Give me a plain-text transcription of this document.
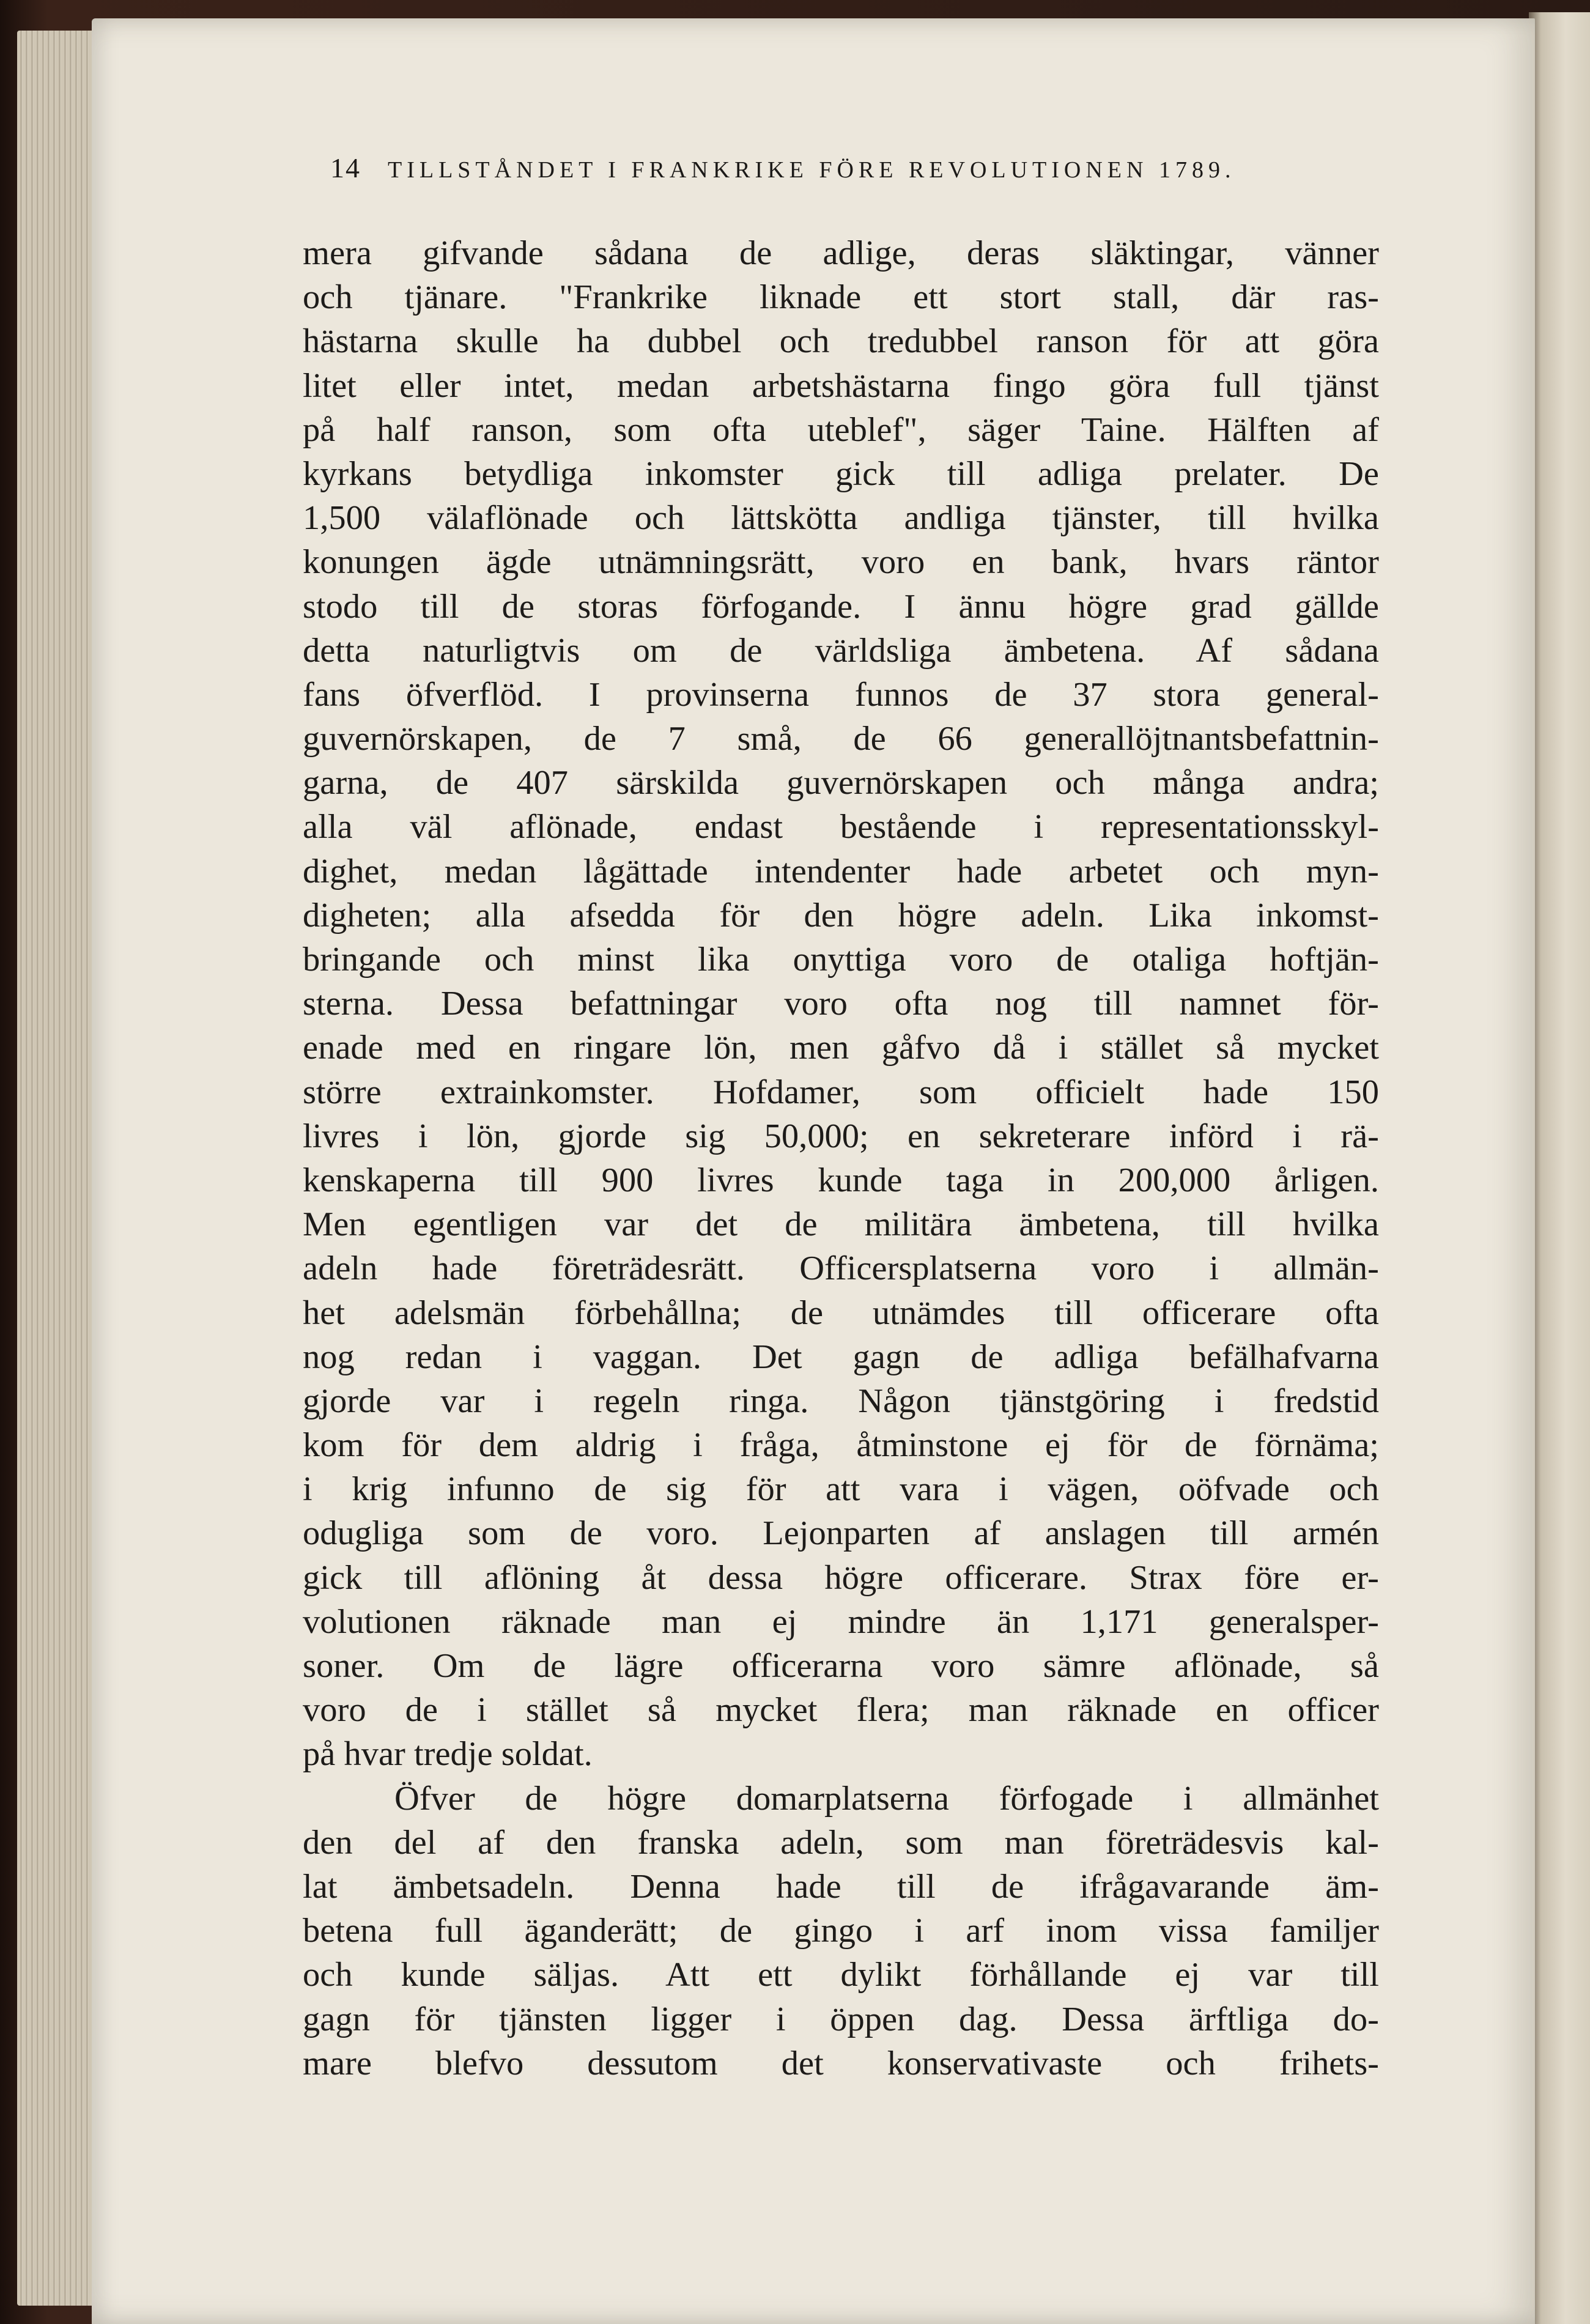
14 TILLSTÅNDET I FRANKRIKE FÖRE REVOLUTIONEN 1789.
mera gifvande sådana de adlige, deras släktingar, vänner
och tjänare. "Frankrike liknade ett stort stall, där ras-
hästarna skulle ha dubbel och tredubbel ranson för att göra
litet eller intet, medan arbetshästarna fingo göra full tjänst
på half ranson, som ofta uteblef", säger Taine. Hälften af
kyrkans betydliga inkomster gick till adliga prelater. De
1,500 välaflönade och lättskötta andliga tjänster, till hvilka
konungen ägde utnämningsrätt, voro en bank, hvars räntor
stodo till de storas förfogande. I ännu högre grad gällde
detta naturligtvis om de världsliga ämbetena. Af sådana
fans öfverflöd. I provinserna funnos de 37 stora general-
guvernörskapen, de 7 små, de 66 generallöjtnantsbefattnin-
garna, de 407 särskilda guvernörskapen och många andra;
alla väl aflönade, endast bestående i representationsskyl-
dighet, medan lågättade intendenter hade arbetet och myn-
digheten; alla afsedda för den högre adeln. Lika inkomst-
bringande och minst lika onyttiga voro de otaliga hoftjän-
sterna. Dessa befattningar voro ofta nog till namnet för-
enade med en ringare lön, men gåfvo då i stället så mycket
större extrainkomster. Hofdamer, som officielt hade 150
livres i lön, gjorde sig 50,000; en sekreterare införd i rä-
kenskaperna till 900 livres kunde taga in 200,000 årligen.
Men egentligen var det de militära ämbetena, till hvilka
adeln hade företrädesrätt. Officersplatserna voro i allmän-
het adelsmän förbehållna; de utnämdes till officerare ofta
nog redan i vaggan. Det gagn de adliga befälhafvarna
gjorde var i regeln ringa. Någon tjänstgöring i fredstid
kom för dem aldrig i fråga, åtminstone ej för de förnäma;
i krig infunno de sig för att vara i vägen, oöfvade och
odugliga som de voro. Lejonparten af anslagen till armén
gick till aflöning åt dessa högre officerare. Strax före er-
volutionen räknade man ej mindre än 1,171 generalsper-
soner. Om de lägre officerarna voro sämre aflönade, så
voro de i stället så mycket flera; man räknade en officer
på hvar tredje soldat.
Öfver de högre domarplatserna förfogade i allmänhet
den del af den franska adeln, som man företrädesvis kal-
lat ämbetsadeln. Denna hade till de ifrågavarande äm-
betena full äganderätt; de gingo i arf inom vissa familjer
och kunde säljas. Att ett dylikt förhållande ej var till
gagn för tjänsten ligger i öppen dag. Dessa ärftliga do-
mare blefvo dessutom det konservativaste och frihets-
